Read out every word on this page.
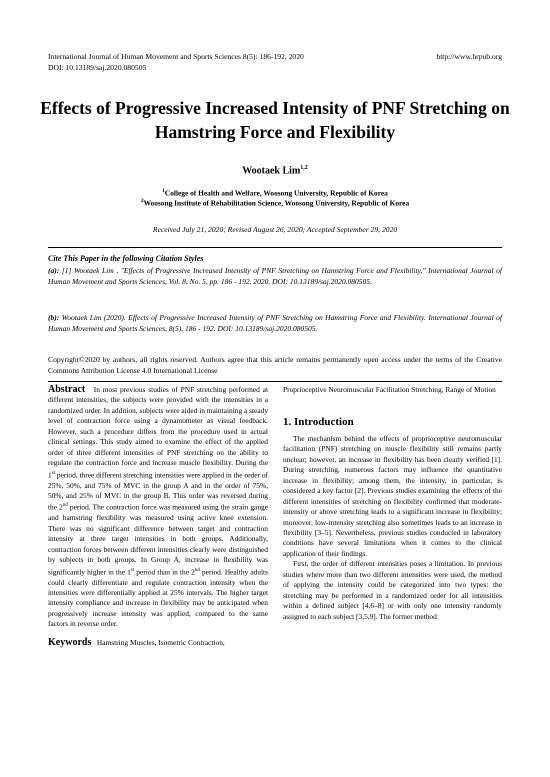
International Journal of Human Movement and Sports Sciences 8(5): 186-192, 2020	http://www.hrpub.org
DOI: 10.13189/saj.2020.080505
Effects of Progressive Increased Intensity of PNF Stretching on Hamstring Force and Flexibility
Wootaek Lim$^{1,2}$
$^1$College of Health and Welfare, Woosong University, Republic of Korea
$^2$Woosong Institute of Rehabilitation Science, Woosong University, Republic of Korea
Received July 21, 2020; Revised August 26, 2020; Accepted September 29, 2020
Cite This Paper in the following Citation Styles
(a): [1] Wootaek Lim , "Effects of Progressive Increased Intensity of PNF Stretching on Hamstring Force and Flexibility," International Journal of Human Movement and Sports Sciences, Vol. 8, No. 5, pp. 186 - 192, 2020. DOI: 10.13189/saj.2020.080505.
(b): Wootaek Lim (2020). Effects of Progressive Increased Intensity of PNF Stretching on Hamstring Force and Flexibility. International Journal of Human Movement and Sports Sciences, 8(5), 186 - 192. DOI: 10.13189/saj.2020.080505.
Copyright©2020 by authors, all rights reserved. Authors agree that this article remains permanently open access under the terms of the Creative Commons Attribution License 4.0 International License

Abstract In most previous studies of PNF stretching performed at different intensities, the subjects were provided with the intensities in a randomized order. In addition, subjects were aided in maintaining a steady level of contraction force using a dynamometer as visual feedback. However, such a procedure differs from the procedure used in actual clinical settings. This study aimed to examine the effect of the applied order of three different intensities of PNF stretching on the ability to regulate the contraction force and increase muscle flexibility. During the 1st period, three different stretching intensities were applied in the order of 25%, 50%, and 75% of MVC in the group A and in the order of 75%, 50%, and 25% of MVC in the group B. This order was reversed during the 2nd period. The contraction force was measured using the strain gauge and hamstring flexibility was measured using active knee extension. There was no significant difference between target and contraction intensity at three target intensities in both groups. Additionally, contraction forces between different intensities clearly were distinguished by subjects in both groups. In Group A, increase in flexibility was significantly higher in the 1st period than in the 2nd period. Healthy adults could clearly differentiate and regulate contraction intensity when the intensities were differentially applied at 25% intervals. The higher target intensity compliance and increase in flexibility may be anticipated when progressively increase intensity was applied, compared to the same factors in reverse order.

Keywords Hamstring Muscles, Isometric Contraction,

Proprioceptive Neuromuscular Facilitation Stretching, Range of Motion

1. Introduction

The mechanism behind the effects of proprioceptive neuromuscular facilitation (PNF) stretching on muscle flexibility still remains partly unclear; however, an increase in flexibility has been clearly verified [1]. During stretching, numerous factors may influence the quantitative increase in flexibility; among them, the intensity, in particular, is considered a key factor [2]. Previous studies examining the effects of the different intensities of stretching on flexibility confirmed that moderate-intensity or above stretching leads to a significant increase in flexibility; moreover, low-intensity stretching also sometimes leads to an increase in flexibility [3–5]. Nevertheless, previous studies conducted in laboratory conditions have several limitations when it comes to the clinical application of their findings.

First, the order of different intensities poses a limitation. In previous studies where more than two different intensities were used, the method of applying the intensity could be categorized into two types: the stretching may be performed in a randomized order for all intensities within a defined subject [4,6–8] or with only one intensity randomly assigned to each subject [3,5,9]. The former method
